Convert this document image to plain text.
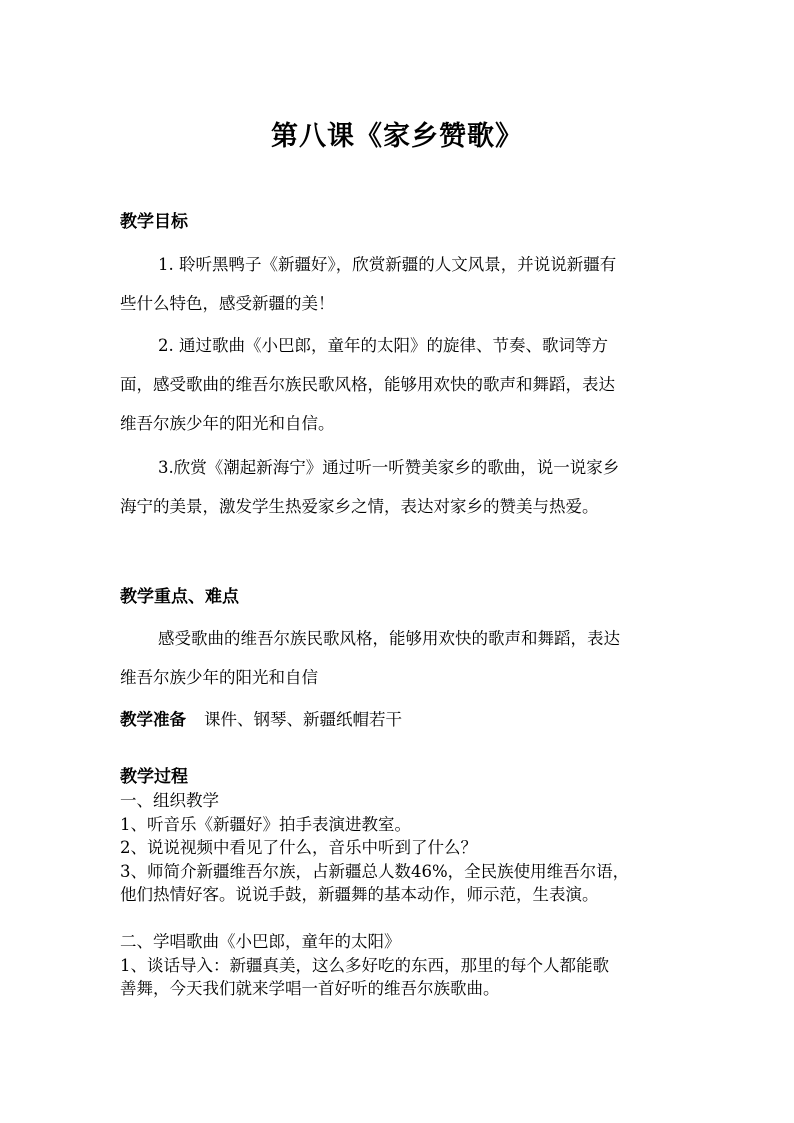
第八课《家乡赞歌》
教学目标
1. 聆听黑鸭子《新疆好》，欣赏新疆的人文风景，并说说新疆有
些什么特色，感受新疆的美！
2. 通过歌曲《小巴郎，童年的太阳》的旋律、节奏、歌词等方
面，感受歌曲的维吾尔族民歌风格，能够用欢快的歌声和舞蹈，表达
维吾尔族少年的阳光和自信。
3.欣赏《潮起新海宁》通过听一听赞美家乡的歌曲，说一说家乡
海宁的美景，激发学生热爱家乡之情，表达对家乡的赞美与热爱。
教学重点、难点
感受歌曲的维吾尔族民歌风格，能够用欢快的歌声和舞蹈，表达
维吾尔族少年的阳光和自信
教学准备 课件、钢琴、新疆纸帽若干
教学过程
一、组织教学
1、听音乐《新疆好》拍手表演进教室。
2、说说视频中看见了什么，音乐中听到了什么？
3、师简介新疆维吾尔族，占新疆总人数46%，全民族使用维吾尔语，
他们热情好客。说说手鼓，新疆舞的基本动作，师示范，生表演。
二、学唱歌曲《小巴郎，童年的太阳》
1、谈话导入：新疆真美，这么多好吃的东西，那里的每个人都能歌
善舞，今天我们就来学唱一首好听的维吾尔族歌曲。
